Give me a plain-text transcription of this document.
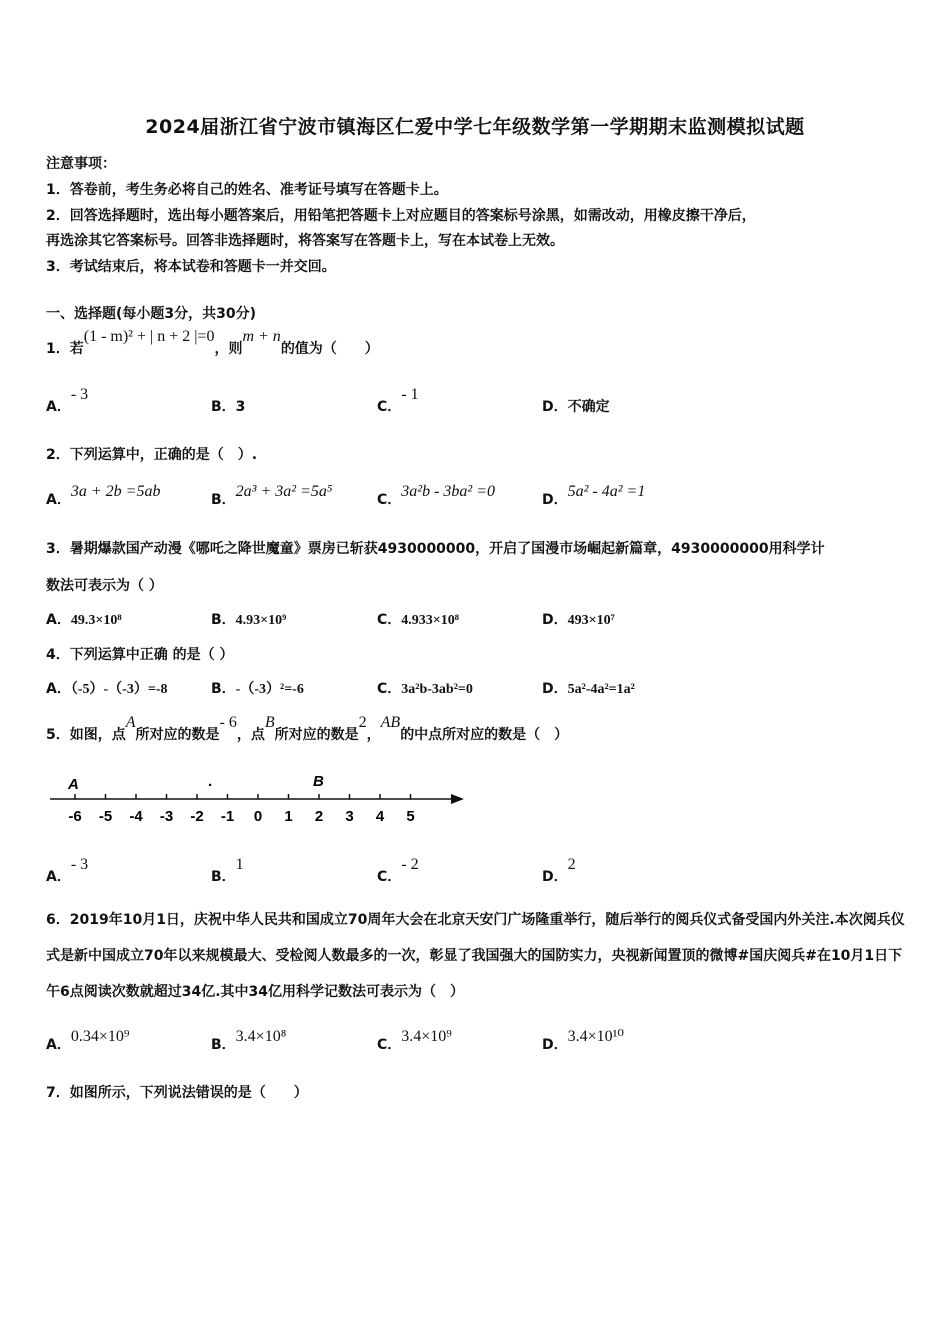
2024届浙江省宁波市镇海区仁爱中学七年级数学第一学期期末监测模拟试题
注意事项：
1．答卷前，考生务必将自己的姓名、准考证号填写在答题卡上。
2．回答选择题时，选出每小题答案后，用铅笔把答题卡上对应题目的答案标号涂黑，如需改动，用橡皮擦干净后，
再选涂其它答案标号。回答非选择题时，将答案写在答题卡上，写在本试卷上无效。
3．考试结束后，将本试卷和答题卡一并交回。
一、选择题(每小题3分，共30分)
1．若(1 - m)² + | n + 2 |=0，则m + n的值为（　　）
A．- 3
B．3	C．- 1
D．不确定
2．下列运算中，正确的是（　）.
A．3a + 2b =5ab	B．2a³ + 3a² =5a⁵	C．3a²b - 3ba² =0	D．5a² - 4a² =1
3．暑期爆款国产动漫《哪吒之降世魔童》票房已斩获4930000000，开启了国漫市场崛起新篇章，4930000000用科学计
数法可表示为（ ）
A．49.3×10⁸	B．4.93×10⁹	C．4.933×10⁸	D．493×10⁷
4．下列运算中正确 的是（ ）
A．（-5）-（-3）=-8	B．-（-3）²=-6	C．3a²b-3ab²=0	D．5a²-4a²=1a²
5．如图，点A所对应的数是- 6，点B所对应的数是2，AB的中点所对应的数是（　）
-6 -5 -4 -3 -2 -1 0 1 2 3 4 5
A	B
.
A．- 3
B．1
C．- 2
D．2
6．2019年10月1日，庆祝中华人民共和国成立70周年大会在北京天安门广场隆重举行，随后举行的阅兵仪式备受国内外关注.本次阅兵仪式是新中国成立70年以来规模最大、受检阅人数最多的一次，彰显了我国强大的国防实力，央视新闻置顶的微博#国庆阅兵#在10月1日下午6点阅读次数就超过34亿.其中34亿用科学记数法可表示为（　）
A．0.34×10⁹	B．3.4×10⁸	C．3.4×10⁹	D．3.4×10¹⁰
7．如图所示，下列说法错误的是（　　）
